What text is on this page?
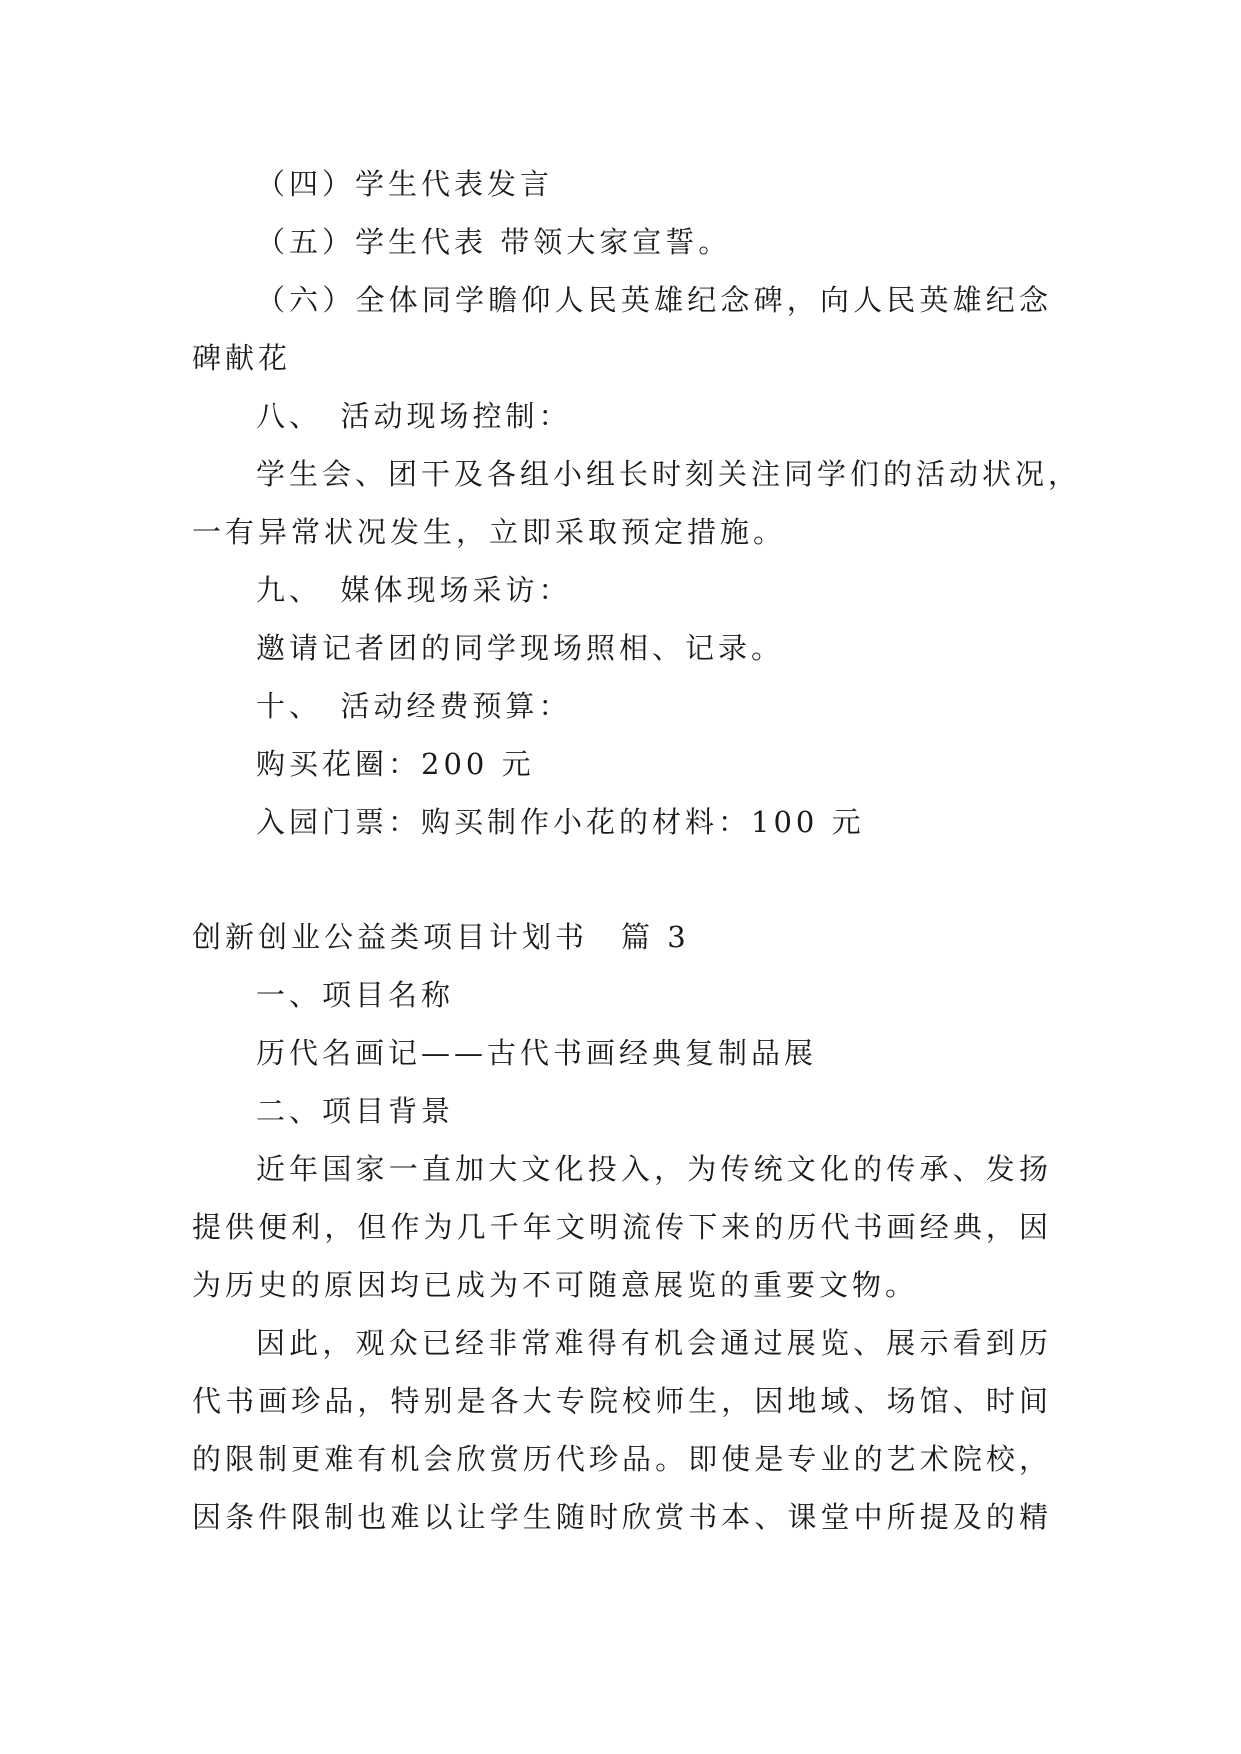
（四）学生代表发言
（五）学生代表 带领大家宣誓。
（六）全体同学瞻仰人民英雄纪念碑，向人民英雄纪念
碑献花
八、　活动现场控制：
学生会、团干及各组小组长时刻关注同学们的活动状况，
一有异常状况发生，立即采取预定措施。
九、　媒体现场采访：
邀请记者团的同学现场照相、记录。
十、　活动经费预算：
购买花圈：200 元
入园门票：购买制作小花的材料：100 元
创新创业公益类项目计划书　篇 3
一、项目名称
历代名画记——古代书画经典复制品展
二、项目背景
近年国家一直加大文化投入，为传统文化的传承、发扬
提供便利，但作为几千年文明流传下来的历代书画经典，因
为历史的原因均已成为不可随意展览的重要文物。
因此，观众已经非常难得有机会通过展览、展示看到历
代书画珍品，特别是各大专院校师生，因地域、场馆、时间
的限制更难有机会欣赏历代珍品。即使是专业的艺术院校，
因条件限制也难以让学生随时欣赏书本、课堂中所提及的精
